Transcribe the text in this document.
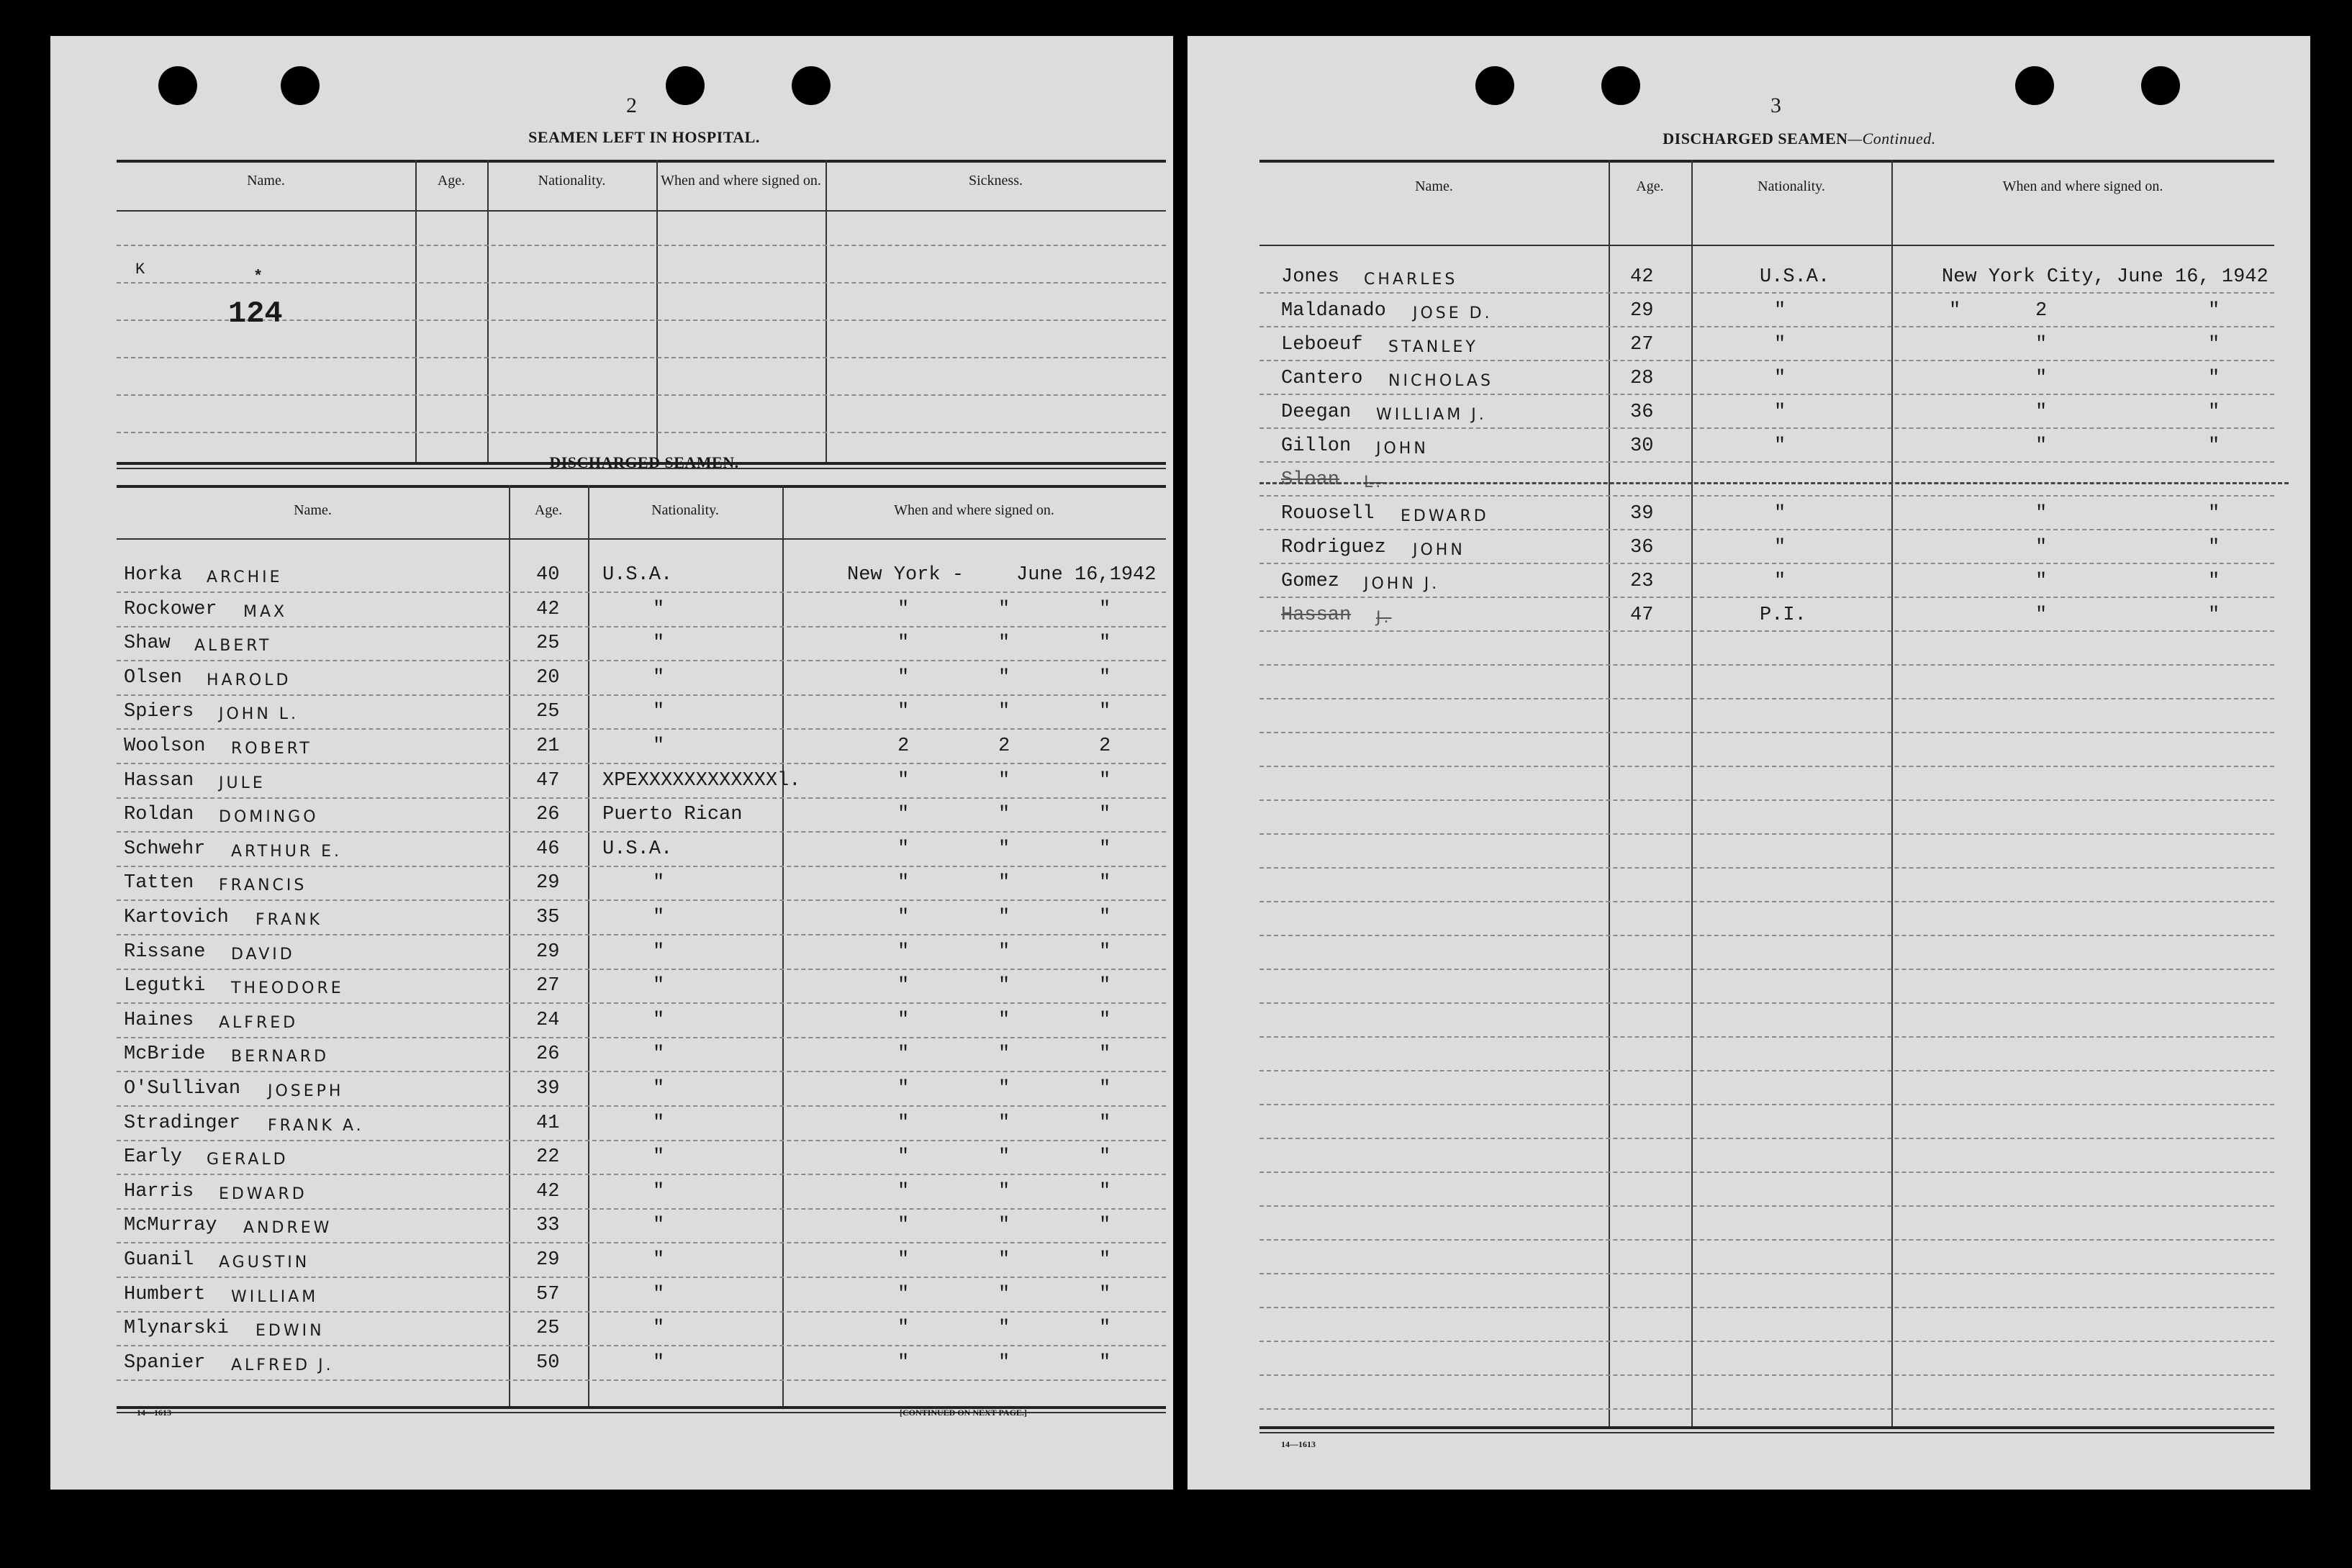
2
SEAMEN LEFT IN HOSPITAL.
Name.	Age.	Nationality.	When and where signed on.	Sickness.
K	*
124
DISCHARGED SEAMEN.
Name.	Age.	Nationality.	When and where signed on.
Horka ARCHIE	40 U.S.A.	New York -	June 16,1942
Rockower MAX	42	"	"	"	"
Shaw ALBERT	25	"	"	"	"
Olsen HAROLD	20	"	"	"	"
Spiers JOHN L.	25	"	"	"	"
Woolson ROBERT	21	"	2	2	2
Hassan JULE	47 XPEXXXXXXXXXXXXl.	"	"	"
Roldan DOMINGO	26 Puerto Rican	"	"	"
Schwehr ARTHUR E.	46 U.S.A.	"	"	"
Tatten FRANCIS	29	"	"	"	"
Kartovich FRANK	35	"	"	"	"
Rissane DAVID	29	"	"	"	"
Legutki THEODORE	27	"	"	"	"
Haines ALFRED	24	"	"	"	"
McBride BERNARD	26	"	"	"	"
O'Sullivan JOSEPH	39	"	"	"	"
Stradinger FRANK A.	41	"	"	"	"
Early GERALD	22	"	"	"	"
Harris EDWARD	42	"	"	"	"
McMurray ANDREW	33	"	"	"	"
Guanil AGUSTIN	29	"	"	"	"
Humbert WILLIAM	57	"	"	"	"
Mlynarski EDWIN	25	"	"	"	"
Spanier ALFRED J.	50	"	"	"	"
14—1613	[CONTINUED ON NEXT PAGE.]
3
DISCHARGED SEAMEN—Continued.
Name.	Age.	Nationality.	When and where signed on.
Jones CHARLES	42	U.S.A.	New York City, June 16, 1942
Maldanado JOSE D.	29	"	"	2	"
Leboeuf STANLEY	27	"	"	"
Cantero NICHOLAS	28	"	"	"
Deegan WILLIAM J.	36	"	"	"
Gillon JOHN	30	"	"	"
Sloan L.
Rouosell EDWARD	39	"	"	"
Rodriguez JOHN	36	"	"	"
Gomez JOHN J.	23	"	"	"
Hassan J.	47	P.I.	"	"
14—1613
